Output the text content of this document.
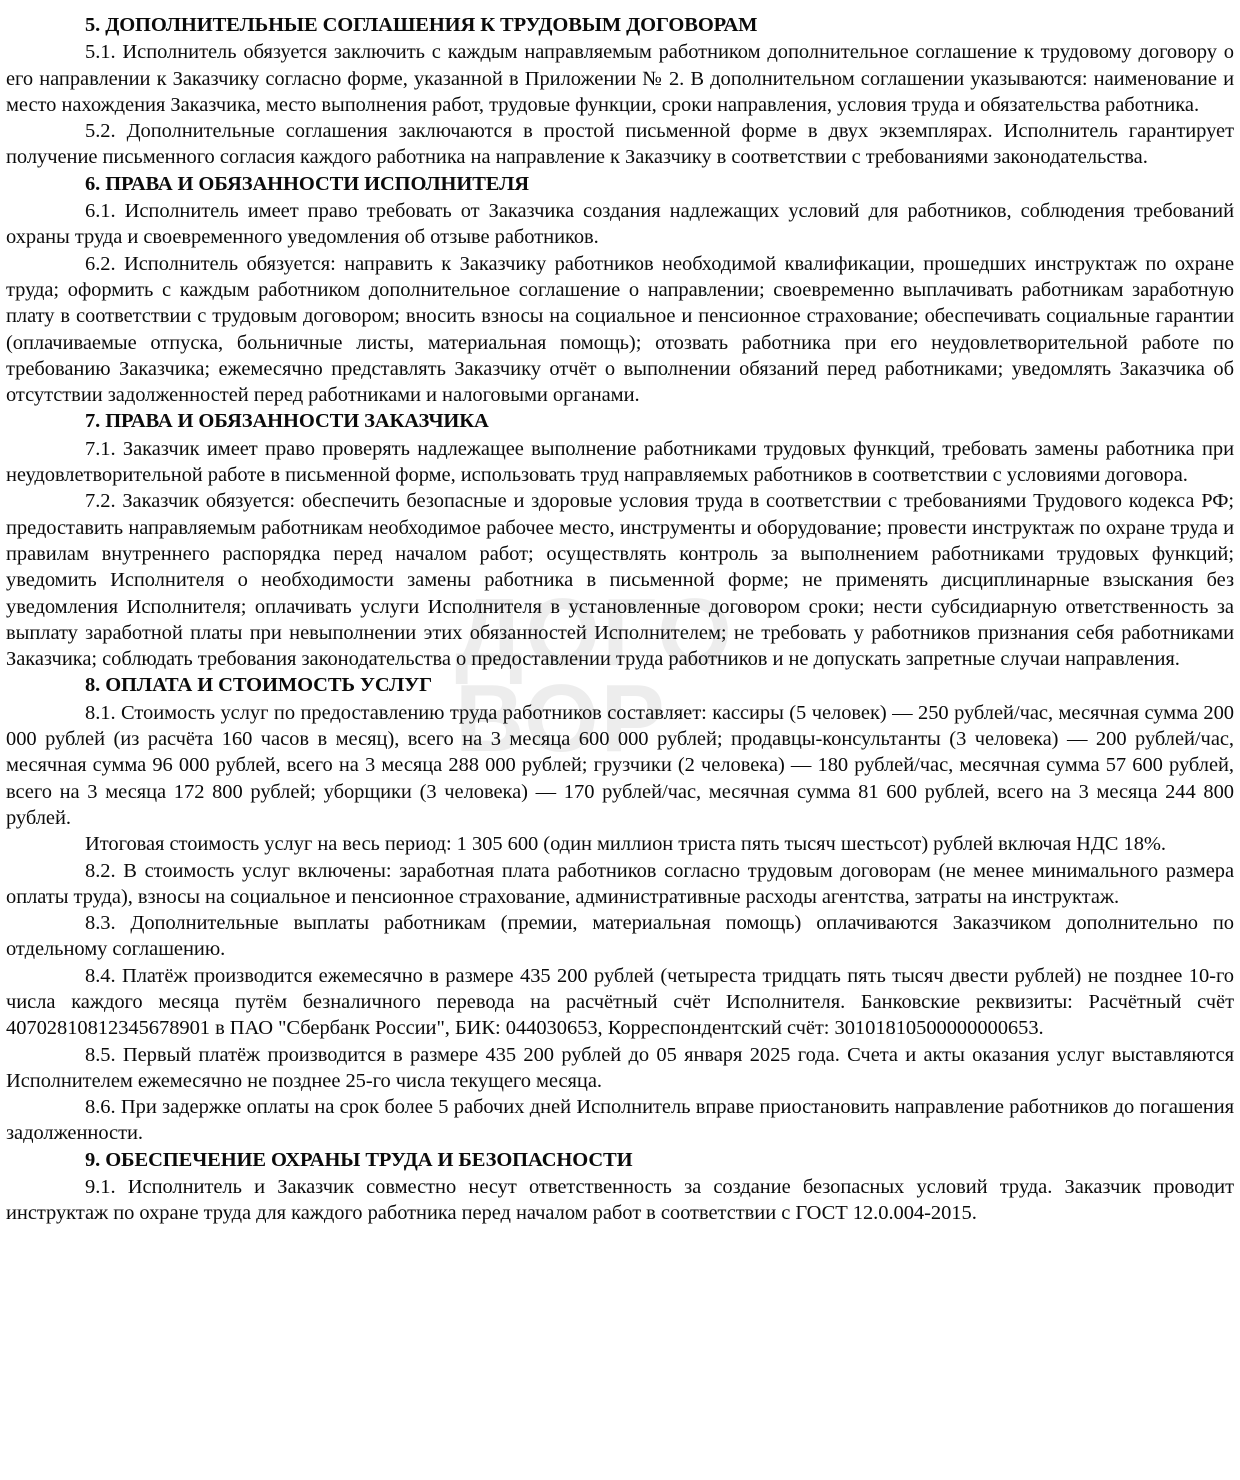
ДОГО
ВОР
5. ДОПОЛНИТЕЛЬНЫЕ СОГЛАШЕНИЯ К ТРУДОВЫМ ДОГОВОРАМ

5.1. Исполнитель обязуется заключить с каждым направляемым работником дополнительное соглашение к трудовому договору о его направлении к Заказчику согласно форме, указанной в Приложении № 2. В дополнительном соглашении указываются: наименование и место нахождения Заказчика, место выполнения работ, трудовые функции, сроки направления, условия труда и обязательства работника.

5.2. Дополнительные соглашения заключаются в простой письменной форме в двух экземплярах. Исполнитель гарантирует получение письменного согласия каждого работника на направление к Заказчику в соответствии с требованиями законодательства.

6. ПРАВА И ОБЯЗАННОСТИ ИСПОЛНИТЕЛЯ

6.1. Исполнитель имеет право требовать от Заказчика создания надлежащих условий для работников, соблюдения требований охраны труда и своевременного уведомления об отзыве работников.

6.2. Исполнитель обязуется: направить к Заказчику работников необходимой квалификации, прошедших инструктаж по охране труда; оформить с каждым работником дополнительное соглашение о направлении; своевременно выплачивать работникам заработную плату в соответствии с трудовым договором; вносить взносы на социальное и пенсионное страхование; обеспечивать социальные гарантии (оплачиваемые отпуска, больничные листы, материальная помощь); отозвать работника при его неудовлетворительной работе по требованию Заказчика; ежемесячно представлять Заказчику отчёт о выполнении обязаний перед работниками; уведомлять Заказчика об отсутствии задолженностей перед работниками и налоговыми органами.

7. ПРАВА И ОБЯЗАННОСТИ ЗАКАЗЧИКА

7.1. Заказчик имеет право проверять надлежащее выполнение работниками трудовых функций, требовать замены работника при неудовлетворительной работе в письменной форме, использовать труд направляемых работников в соответствии с условиями договора.

7.2. Заказчик обязуется: обеспечить безопасные и здоровые условия труда в соответствии с требованиями Трудового кодекса РФ; предоставить направляемым работникам необходимое рабочее место, инструменты и оборудование; провести инструктаж по охране труда и правилам внутреннего распорядка перед началом работ; осуществлять контроль за выполнением работниками трудовых функций; уведомить Исполнителя о необходимости замены работника в письменной форме; не применять дисциплинарные взыскания без уведомления Исполнителя; оплачивать услуги Исполнителя в установленные договором сроки; нести субсидиарную ответственность за выплату заработной платы при невыполнении этих обязанностей Исполнителем; не требовать у работников признания себя работниками Заказчика; соблюдать требования законодательства о предоставлении труда работников и не допускать запретные случаи направления.

8. ОПЛАТА И СТОИМОСТЬ УСЛУГ

8.1. Стоимость услуг по предоставлению труда работников составляет: кассиры (5 человек) — 250 рублей/час, месячная сумма 200 000 рублей (из расчёта 160 часов в месяц), всего на 3 месяца 600 000 рублей; продавцы-консультанты (3 человека) — 200 рублей/час, месячная сумма 96 000 рублей, всего на 3 месяца 288 000 рублей; грузчики (2 человека) — 180 рублей/час, месячная сумма 57 600 рублей, всего на 3 месяца 172 800 рублей; уборщики (3 человека) — 170 рублей/час, месячная сумма 81 600 рублей, всего на 3 месяца 244 800 рублей.

Итоговая стоимость услуг на весь период: 1 305 600 (один миллион триста пять тысяч шестьсот) рублей включая НДС 18%.

8.2. В стоимость услуг включены: заработная плата работников согласно трудовым договорам (не менее минимального размера оплаты труда), взносы на социальное и пенсионное страхование, административные расходы агентства, затраты на инструктаж.

8.3. Дополнительные выплаты работникам (премии, материальная помощь) оплачиваются Заказчиком дополнительно по отдельному соглашению.

8.4. Платёж производится ежемесячно в размере 435 200 рублей (четыреста тридцать пять тысяч двести рублей) не позднее 10-го числа каждого месяца путём безналичного перевода на расчётный счёт Исполнителя. Банковские реквизиты: Расчётный счёт 40702810812345678901 в ПАО "Сбербанк России", БИК: 044030653, Корреспондентский счёт: 30101810500000000653.

8.5. Первый платёж производится в размере 435 200 рублей до 05 января 2025 года. Счета и акты оказания услуг выставляются Исполнителем ежемесячно не позднее 25-го числа текущего месяца.

8.6. При задержке оплаты на срок более 5 рабочих дней Исполнитель вправе приостановить направление работников до погашения задолженности.

9. ОБЕСПЕЧЕНИЕ ОХРАНЫ ТРУДА И БЕЗОПАСНОСТИ

9.1. Исполнитель и Заказчик совместно несут ответственность за создание безопасных условий труда. Заказчик проводит инструктаж по охране труда для каждого работника перед началом работ в соответствии с ГОСТ 12.0.004-2015.
